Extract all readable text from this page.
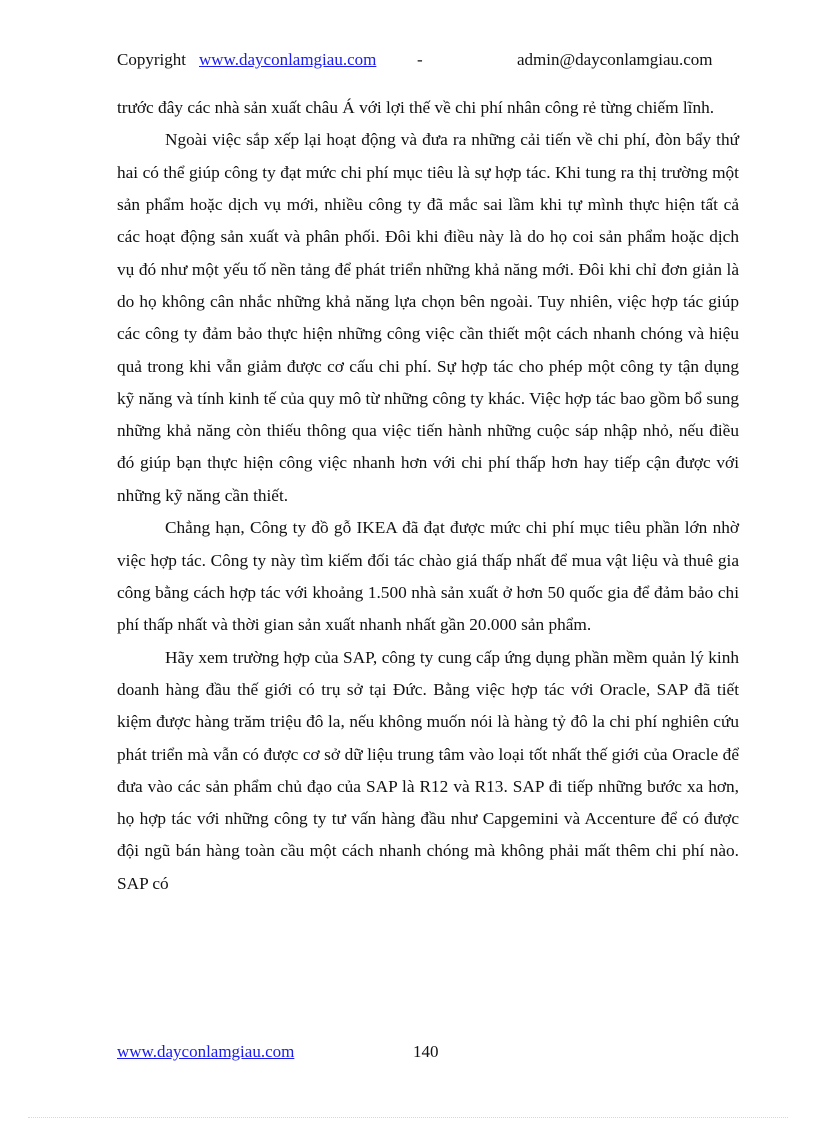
Copyright www.dayconlamgiau.com -	admin@dayconlamgiau.com

trước đây các nhà sản xuất châu Á với lợi thế về chi phí nhân công rẻ từng chiếm lĩnh.

Ngoài việc sắp xếp lại hoạt động và đưa ra những cải tiến về chi phí, đòn bẩy thứ hai có thể giúp công ty đạt mức chi phí mục tiêu là sự hợp tác. Khi tung ra thị trường một sản phẩm hoặc dịch vụ mới, nhiều công ty đã mắc sai lầm khi tự mình thực hiện tất cả các hoạt động sản xuất và phân phối. Đôi khi điều này là do họ coi sản phẩm hoặc dịch vụ đó như một yếu tố nền tảng để phát triển những khả năng mới. Đôi khi chỉ đơn giản là do họ không cân nhắc những khả năng lựa chọn bên ngoài. Tuy nhiên, việc hợp tác giúp các công ty đảm bảo thực hiện những công việc cần thiết một cách nhanh chóng và hiệu quả trong khi vẫn giảm được cơ cấu chi phí. Sự hợp tác cho phép một công ty tận dụng kỹ năng và tính kinh tế của quy mô từ những công ty khác. Việc hợp tác bao gồm bổ sung những khả năng còn thiếu thông qua việc tiến hành những cuộc sáp nhập nhỏ, nếu điều đó giúp bạn thực hiện công việc nhanh hơn với chi phí thấp hơn hay tiếp cận được với những kỹ năng cần thiết.

Chẳng hạn, Công ty đồ gỗ IKEA đã đạt được mức chi phí mục tiêu phần lớn nhờ việc hợp tác. Công ty này tìm kiếm đối tác chào giá thấp nhất để mua vật liệu và thuê gia công bằng cách hợp tác với khoảng 1.500 nhà sản xuất ở hơn 50 quốc gia để đảm bảo chi phí thấp nhất và thời gian sản xuất nhanh nhất gần 20.000 sản phẩm.

Hãy xem trường hợp của SAP, công ty cung cấp ứng dụng phần mềm quản lý kinh doanh hàng đầu thế giới có trụ sở tại Đức. Bằng việc hợp tác với Oracle, SAP đã tiết kiệm được hàng trăm triệu đô la, nếu không muốn nói là hàng tỷ đô la chi phí nghiên cứu phát triển mà vẫn có được cơ sở dữ liệu trung tâm vào loại tốt nhất thế giới của Oracle để đưa vào các sản phẩm chủ đạo của SAP là R12 và R13. SAP đi tiếp những bước xa hơn, họ hợp tác với những công ty tư vấn hàng đầu như Capgemini và Accenture để có được đội ngũ bán hàng toàn cầu một cách nhanh chóng mà không phải mất thêm chi phí nào. SAP có

www.dayconlamgiau.com	140
